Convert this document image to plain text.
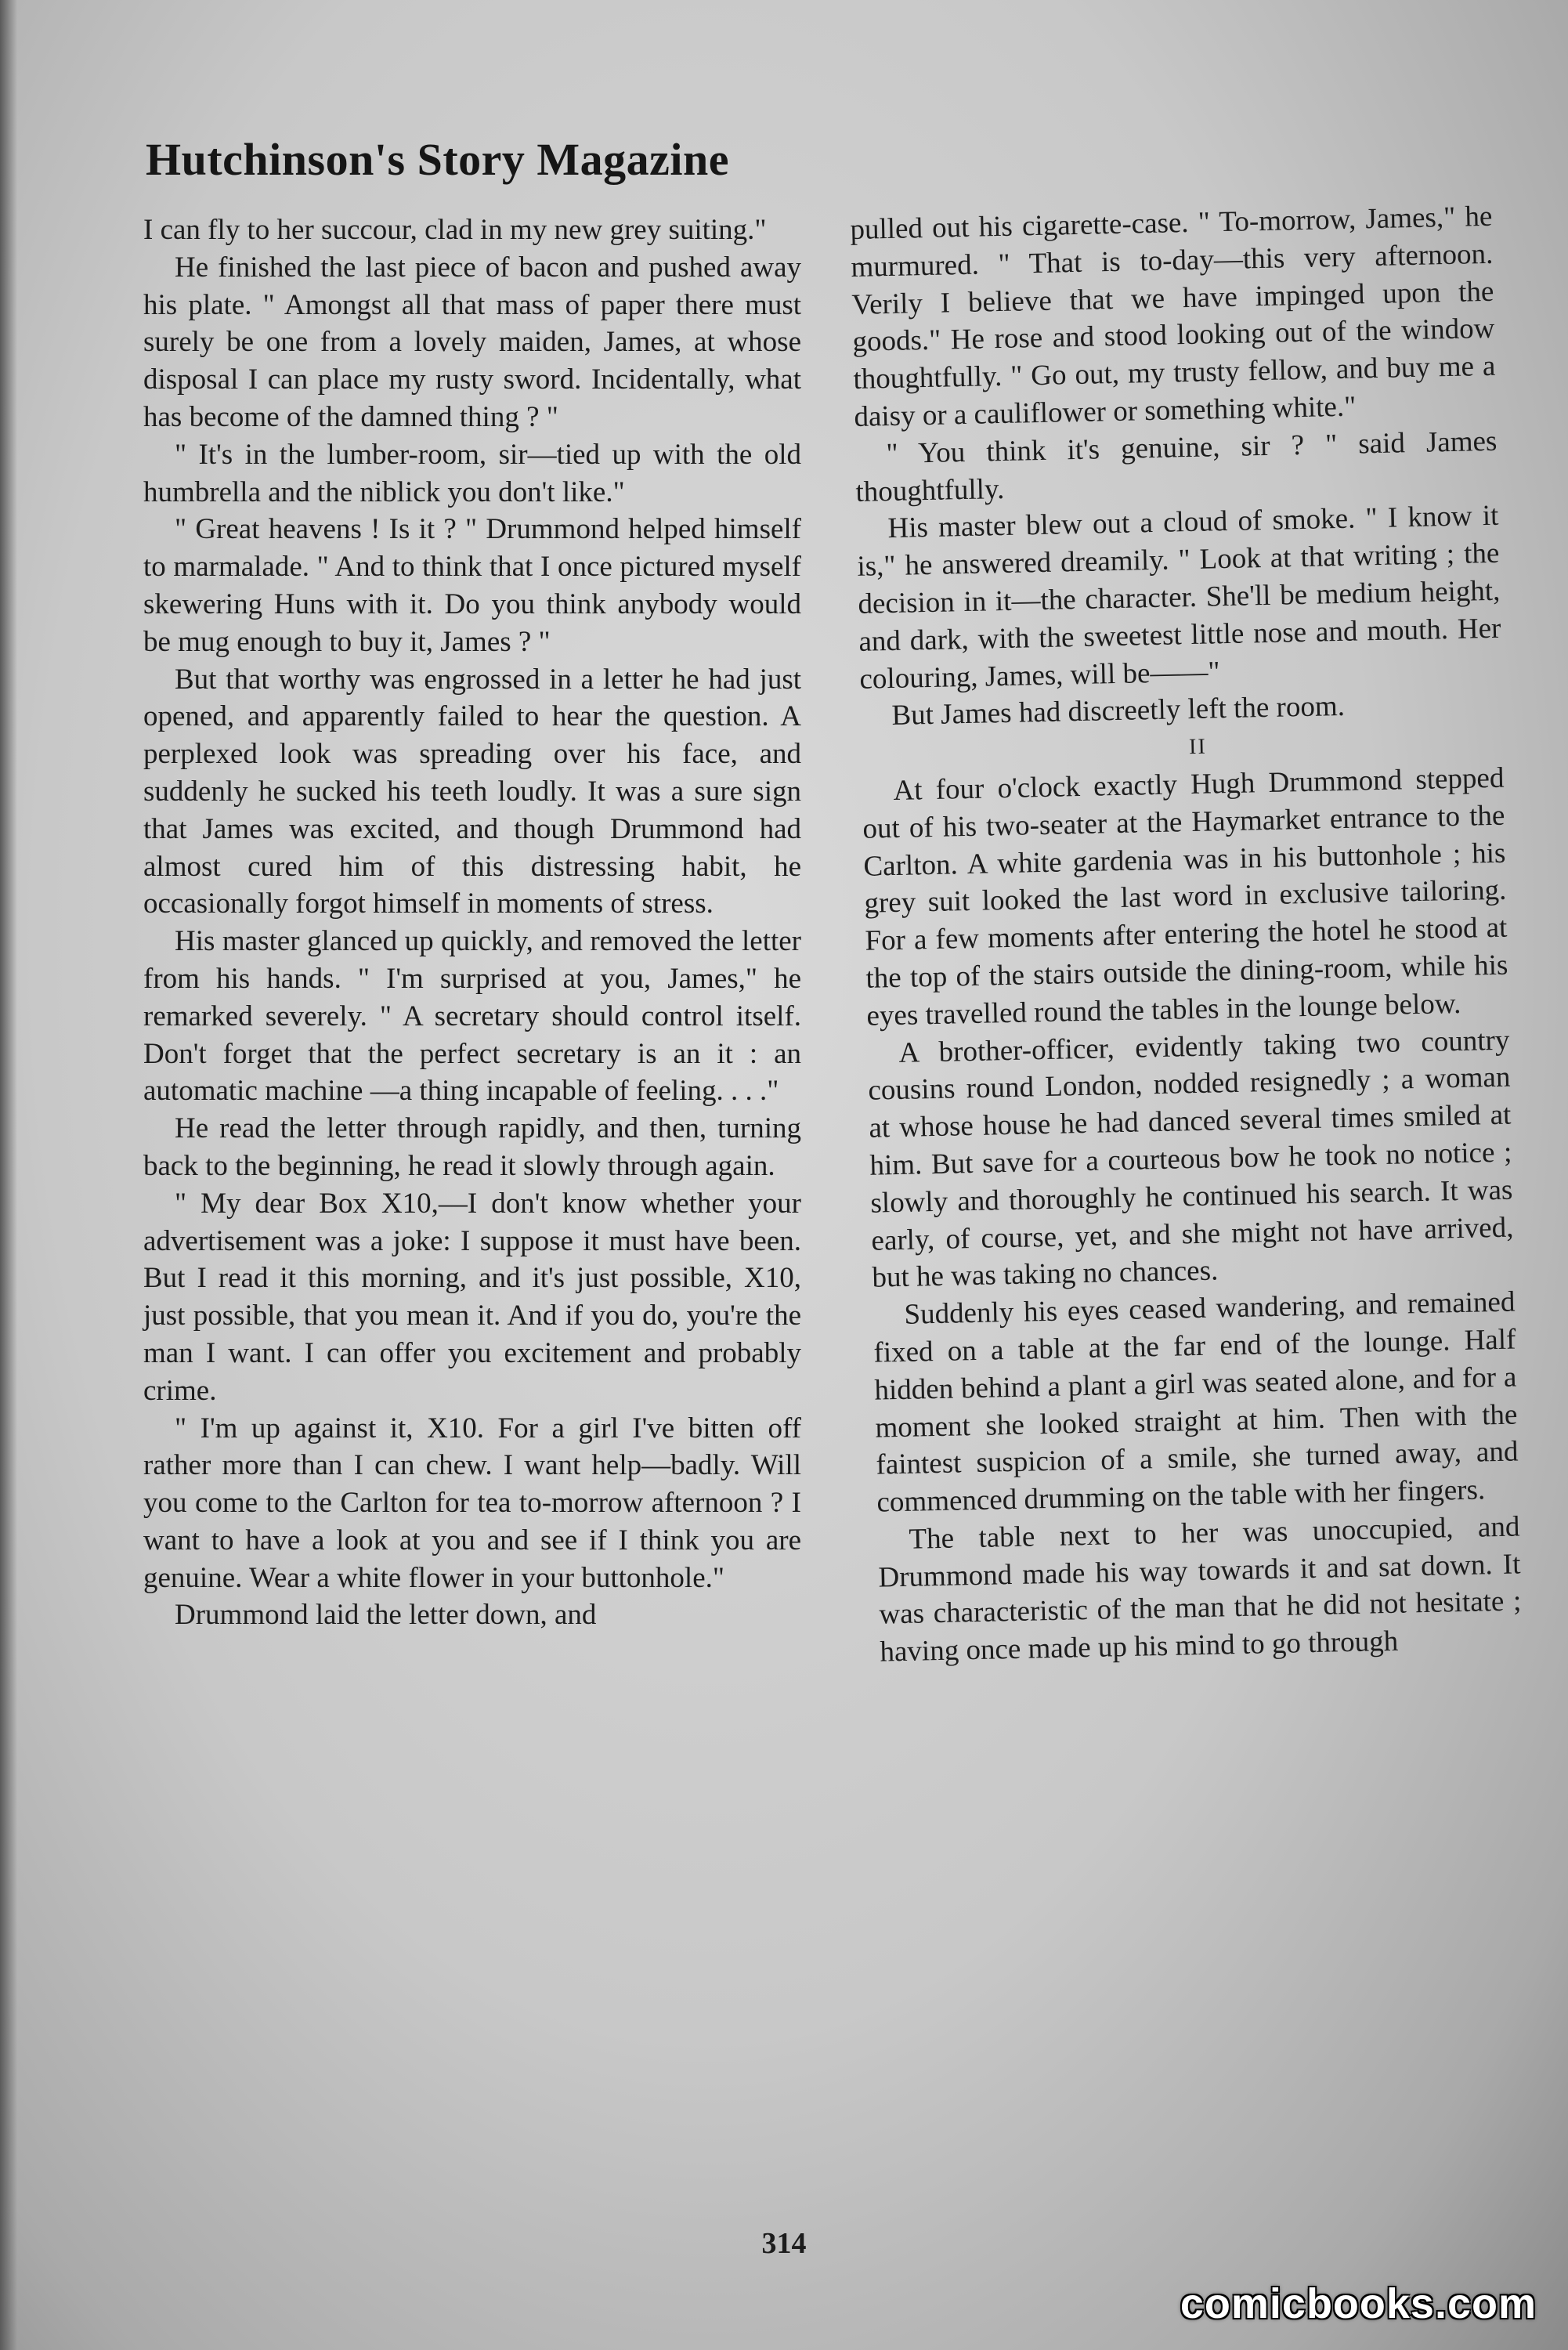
Hutchinson's Story Magazine

I can fly to her succour, clad in my new grey suiting."

He finished the last piece of bacon and pushed away his plate. " Amongst all that mass of paper there must surely be one from a lovely maiden, James, at whose disposal I can place my rusty sword. Incidentally, what has become of the damned thing ? "

" It's in the lumber-room, sir—tied up with the old humbrella and the niblick you don't like."

" Great heavens ! Is it ? " Drummond helped himself to marmalade. " And to think that I once pictured myself skewering Huns with it. Do you think anybody would be mug enough to buy it, James ? "

But that worthy was engrossed in a letter he had just opened, and apparently failed to hear the question. A perplexed look was spreading over his face, and suddenly he sucked his teeth loudly. It was a sure sign that James was excited, and though Drummond had almost cured him of this distressing habit, he occasionally forgot himself in moments of stress.

His master glanced up quickly, and removed the letter from his hands. " I'm surprised at you, James," he remarked severely. " A secretary should control itself. Don't forget that the perfect secretary is an it : an automatic machine —a thing incapable of feeling. . . ."

He read the letter through rapidly, and then, turning back to the beginning, he read it slowly through again.

" My dear Box X10,—I don't know whether your advertisement was a joke: I suppose it must have been. But I read it this morning, and it's just possible, X10, just possible, that you mean it. And if you do, you're the man I want. I can offer you excitement and probably crime.

" I'm up against it, X10. For a girl I've bitten off rather more than I can chew. I want help—badly. Will you come to the Carlton for tea to-morrow afternoon ? I want to have a look at you and see if I think you are genuine. Wear a white flower in your buttonhole."

Drummond laid the letter down, and

pulled out his cigarette-case. " To-morrow, James," he murmured. " That is to-day—this very afternoon. Verily I believe that we have impinged upon the goods." He rose and stood looking out of the window thoughtfully. " Go out, my trusty fellow, and buy me a daisy or a cauliflower or something white."

" You think it's genuine, sir ? " said James thoughtfully.

His master blew out a cloud of smoke. " I know it is," he answered dreamily. " Look at that writing ; the decision in it—the character. She'll be medium height, and dark, with the sweetest little nose and mouth. Her colouring, James, will be——"

But James had discreetly left the room.

II

At four o'clock exactly Hugh Drummond stepped out of his two-seater at the Haymarket entrance to the Carlton. A white gardenia was in his buttonhole ; his grey suit looked the last word in exclusive tailoring. For a few moments after entering the hotel he stood at the top of the stairs outside the dining-room, while his eyes travelled round the tables in the lounge below.

A brother-officer, evidently taking two country cousins round London, nodded resignedly ; a woman at whose house he had danced several times smiled at him. But save for a courteous bow he took no notice ; slowly and thoroughly he continued his search. It was early, of course, yet, and she might not have arrived, but he was taking no chances.

Suddenly his eyes ceased wandering, and remained fixed on a table at the far end of the lounge. Half hidden behind a plant a girl was seated alone, and for a moment she looked straight at him. Then with the faintest suspicion of a smile, she turned away, and commenced drumming on the table with her fingers.

The table next to her was unoccupied, and Drummond made his way towards it and sat down. It was characteristic of the man that he did not hesitate ; having once made up his mind to go through

314
comicbooks.com
